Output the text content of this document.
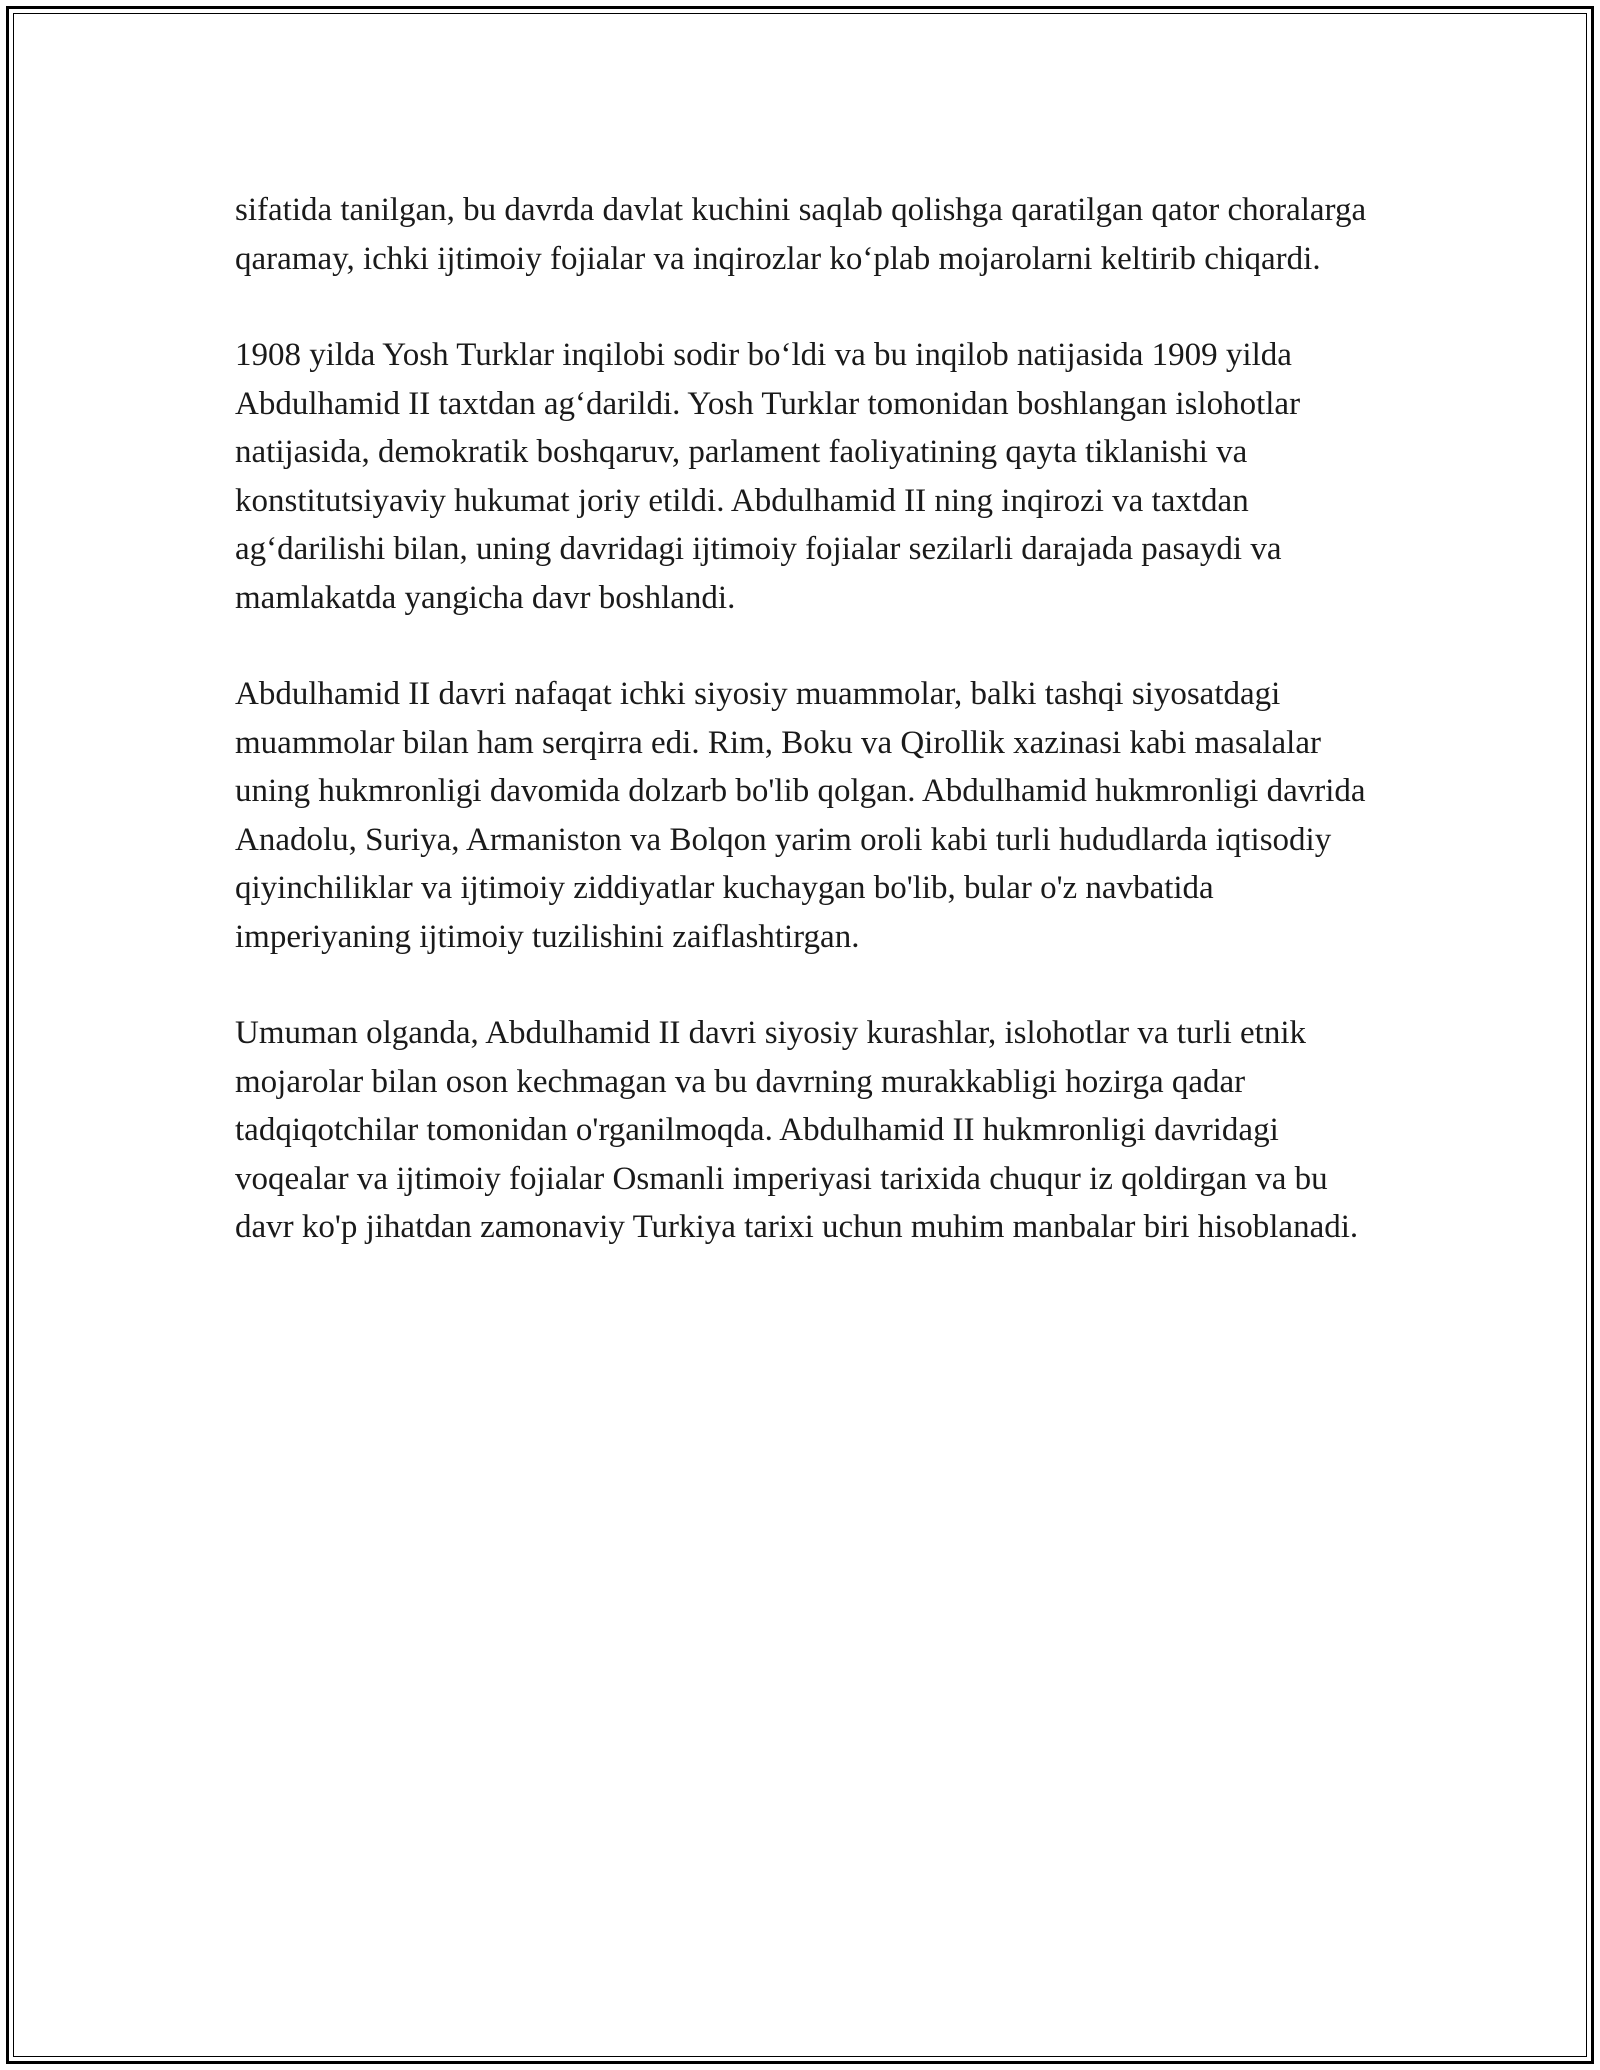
sifatida tanilgan, bu davrda davlat kuchini saqlab qolishga qaratilgan qator choralarga qaramay, ichki ijtimoiy fojialar va inqirozlar ko‘plab mojarolarni keltirib chiqardi.

1908 yilda Yosh Turklar inqilobi sodir bo‘ldi va bu inqilob natijasida 1909 yilda Abdulhamid II taxtdan ag‘darildi. Yosh Turklar tomonidan boshlangan islohotlar natijasida, demokratik boshqaruv, parlament faoliyatining qayta tiklanishi va konstitutsiyaviy hukumat joriy etildi. Abdulhamid II ning inqirozi va taxtdan ag‘darilishi bilan, uning davridagi ijtimoiy fojialar sezilarli darajada pasaydi va mamlakatda yangicha davr boshlandi.

Abdulhamid II davri nafaqat ichki siyosiy muammolar, balki tashqi siyosatdagi muammolar bilan ham serqirra edi. Rim, Boku va Qirollik xazinasi kabi masalalar uning hukmronligi davomida dolzarb bo'lib qolgan. Abdulhamid hukmronligi davrida Anadolu, Suriya, Armaniston va Bolqon yarim oroli kabi turli hududlarda iqtisodiy qiyinchiliklar va ijtimoiy ziddiyatlar kuchaygan bo'lib, bular o'z navbatida imperiyaning ijtimoiy tuzilishini zaiflashtirgan.

Umuman olganda, Abdulhamid II davri siyosiy kurashlar, islohotlar va turli etnik mojarolar bilan oson kechmagan va bu davrning murakkabligi hozirga qadar tadqiqotchilar tomonidan o'rganilmoqda. Abdulhamid II hukmronligi davridagi voqealar va ijtimoiy fojialar Osmanli imperiyasi tarixida chuqur iz qoldirgan va bu davr ko'p jihatdan zamonaviy Turkiya tarixi uchun muhim manbalar biri hisoblanadi.
